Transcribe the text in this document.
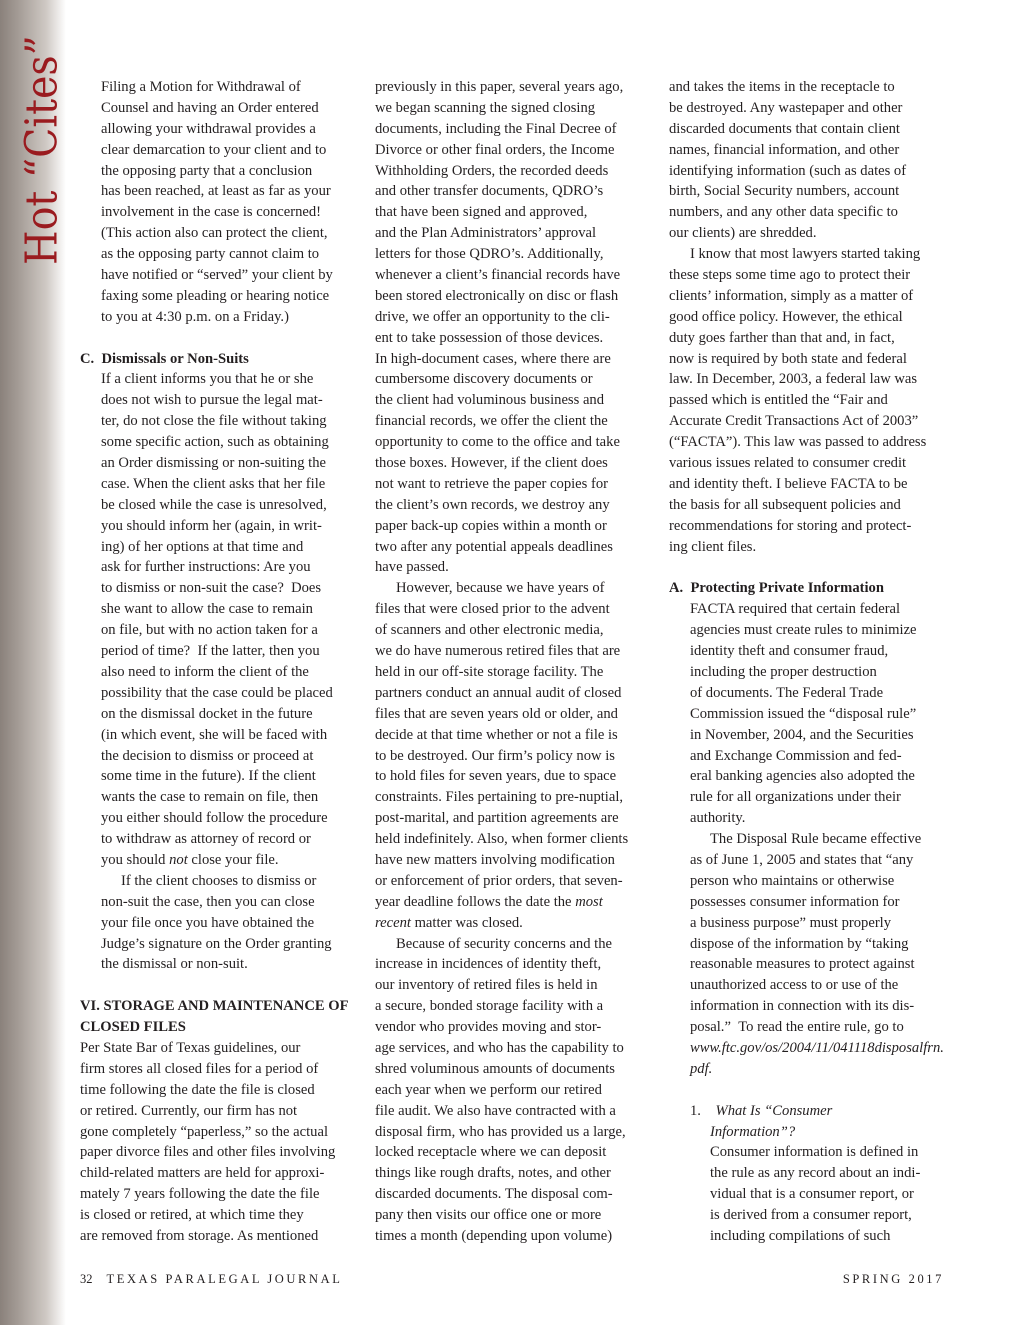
Hot “Cites”	Filing a Motion for Withdrawal of
Counsel and having an Order entered
allowing your withdrawal provides a
clear demarcation to your client and to
the opposing party that a conclusion
has been reached, at least as far as your
involvement in the case is concerned!
(This action also can protect the client,
as the opposing party cannot claim to
have notified or “served” your client by
faxing some pleading or hearing notice
to you at 4:30 p.m. on a Friday.)
C. Dismissals or Non-Suits
If a client informs you that he or she
does not wish to pursue the legal mat-
ter, do not close the file without taking
some specific action, such as obtaining
an Order dismissing or non-suiting the
case. When the client asks that her file
be closed while the case is unresolved,
you should inform her (again, in writ-
ing) of her options at that time and
ask for further instructions: Are you
to dismiss or non-suit the case? Does
she want to allow the case to remain
on file, but with no action taken for a
period of time? If the latter, then you
also need to inform the client of the
possibility that the case could be placed
on the dismissal docket in the future
(in which event, she will be faced with
the decision to dismiss or proceed at
some time in the future). If the client
wants the case to remain on file, then
you either should follow the procedure
to withdraw as attorney of record or
you should not close your file.
If the client chooses to dismiss or
non-suit the case, then you can close
your file once you have obtained the
Judge’s signature on the Order granting
the dismissal or non-suit.
VI. STORAGE AND MAINTENANCE OF
CLOSED FILES
Per State Bar of Texas guidelines, our
firm stores all closed files for a period of
time following the date the file is closed
or retired. Currently, our firm has not
gone completely “paperless,” so the actual
paper divorce files and other files involving
child-related matters are held for approxi-
mately 7 years following the date the file
is closed or retired, at which time they
are removed from storage. As mentioned
previously in this paper, several years ago,
we began scanning the signed closing
documents, including the Final Decree of
Divorce or other final orders, the Income
Withholding Orders, the recorded deeds
and other transfer documents, QDRO’s
that have been signed and approved,
and the Plan Administrators’ approval
letters for those QDRO’s. Additionally,
whenever a client’s financial records have
been stored electronically on disc or flash
drive, we offer an opportunity to the cli-
ent to take possession of those devices.
In high-document cases, where there are
cumbersome discovery documents or
the client had voluminous business and
financial records, we offer the client the
opportunity to come to the office and take
those boxes. However, if the client does
not want to retrieve the paper copies for
the client’s own records, we destroy any
paper back-up copies within a month or
two after any potential appeals deadlines
have passed.
However, because we have years of
files that were closed prior to the advent
of scanners and other electronic media,
we do have numerous retired files that are
held in our off-site storage facility. The
partners conduct an annual audit of closed
files that are seven years old or older, and
decide at that time whether or not a file is
to be destroyed. Our firm’s policy now is
to hold files for seven years, due to space
constraints. Files pertaining to pre-nuptial,
post-marital, and partition agreements are
held indefinitely. Also, when former clients
have new matters involving modification
or enforcement of prior orders, that seven-
year deadline follows the date the most
recent matter was closed.
Because of security concerns and the
increase in incidences of identity theft,
our inventory of retired files is held in
a secure, bonded storage facility with a
vendor who provides moving and stor-
age services, and who has the capability to
shred voluminous amounts of documents
each year when we perform our retired
file audit. We also have contracted with a
disposal firm, who has provided us a large,
locked receptacle where we can deposit
things like rough drafts, notes, and other
discarded documents. The disposal com-
pany then visits our office one or more
times a month (depending upon volume)
and takes the items in the receptacle to
be destroyed. Any wastepaper and other
discarded documents that contain client
names, financial information, and other
identifying information (such as dates of
birth, Social Security numbers, account
numbers, and any other data specific to
our clients) are shredded.
I know that most lawyers started taking
these steps some time ago to protect their
clients’ information, simply as a matter of
good office policy. However, the ethical
duty goes farther than that and, in fact,
now is required by both state and federal
law. In December, 2003, a federal law was
passed which is entitled the “Fair and
Accurate Credit Transactions Act of 2003”
(“FACTA”). This law was passed to address
various issues related to consumer credit
and identity theft. I believe FACTA to be
the basis for all subsequent policies and
recommendations for storing and protect-
ing client files.
A. Protecting Private Information
FACTA required that certain federal
agencies must create rules to minimize
identity theft and consumer fraud,
including the proper destruction
of documents. The Federal Trade
Commission issued the “disposal rule”
in November, 2004, and the Securities
and Exchange Commission and fed-
eral banking agencies also adopted the
rule for all organizations under their
authority.
The Disposal Rule became effective
as of June 1, 2005 and states that “any
person who maintains or otherwise
possesses consumer information for
a business purpose” must properly
dispose of the information by “taking
reasonable measures to protect against
unauthorized access to or use of the
information in connection with its dis-
posal.” To read the entire rule, go to
www.ftc.gov/os/2004/11/041118disposalfrn.
pdf.
1. What Is “Consumer
Information”?
Consumer information is defined in
the rule as any record about an indi-
vidual that is a consumer report, or
is derived from a consumer report,
including compilations of such
32 TEXAS PARALEGAL JOURNAL	SPRING 2017
